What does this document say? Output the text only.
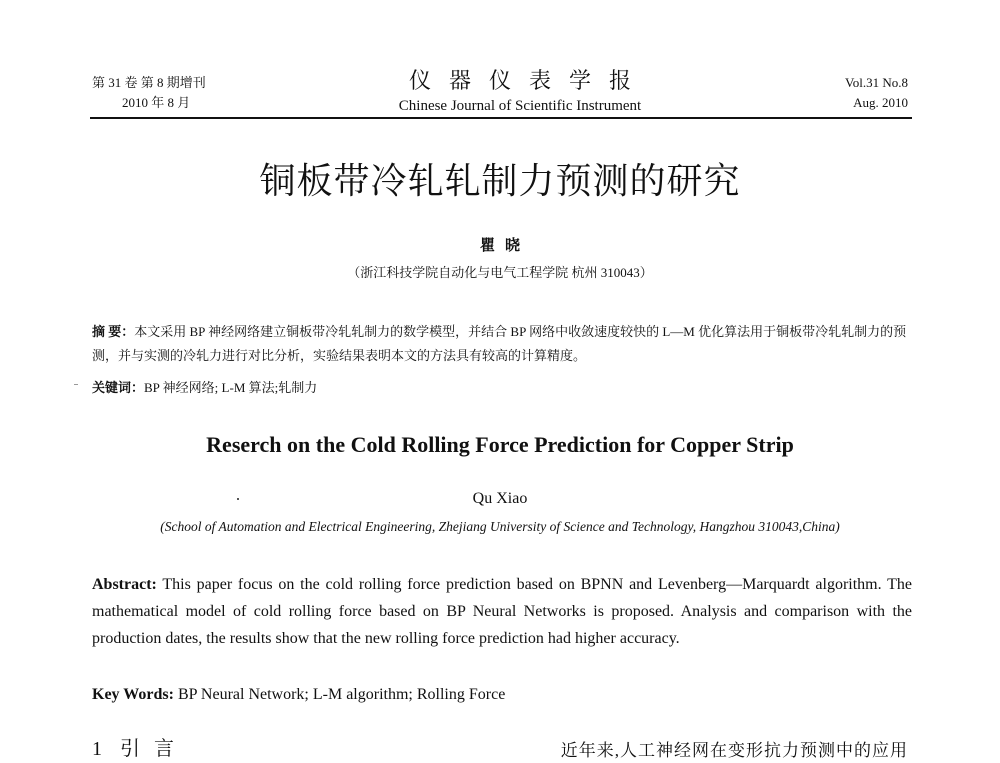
第 31 卷 第 8 期增刊
2010 年 8 月
仪器仪表学报
Chinese Journal of Scientific Instrument
Vol.31 No.8
Aug. 2010
铜板带冷轧轧制力预测的研究
瞿晓
（浙江科技学院自动化与电气工程学院 杭州 310043）
摘 要：本文采用 BP 神经网络建立铜板带冷轧轧制力的数学模型，并结合 BP 网络中收敛速度较快的 L—M 优化算法用于铜板带冷轧轧制力的预测，并与实测的冷轧力进行对比分析，实验结果表明本文的方法具有较高的计算精度。
关键词：BP 神经网络; L-M 算法;轧制力
Reserch on the Cold Rolling Force Prediction for Copper Strip
Qu Xiao
(School of Automation and Electrical Engineering, Zhejiang University of Science and Technology, Hangzhou 310043,China)
Abstract: This paper focus on the cold rolling force prediction based on BPNN and Levenberg—Marquardt algorithm. The mathematical model of cold rolling force based on BP Neural Networks is proposed. Analysis and comparison with the production dates, the results show that the new rolling force prediction had higher accuracy.
Key Words: BP Neural Network; L-M algorithm; Rolling Force
1 引言	近年来,人工神经网在变形抗力预测中的应用
